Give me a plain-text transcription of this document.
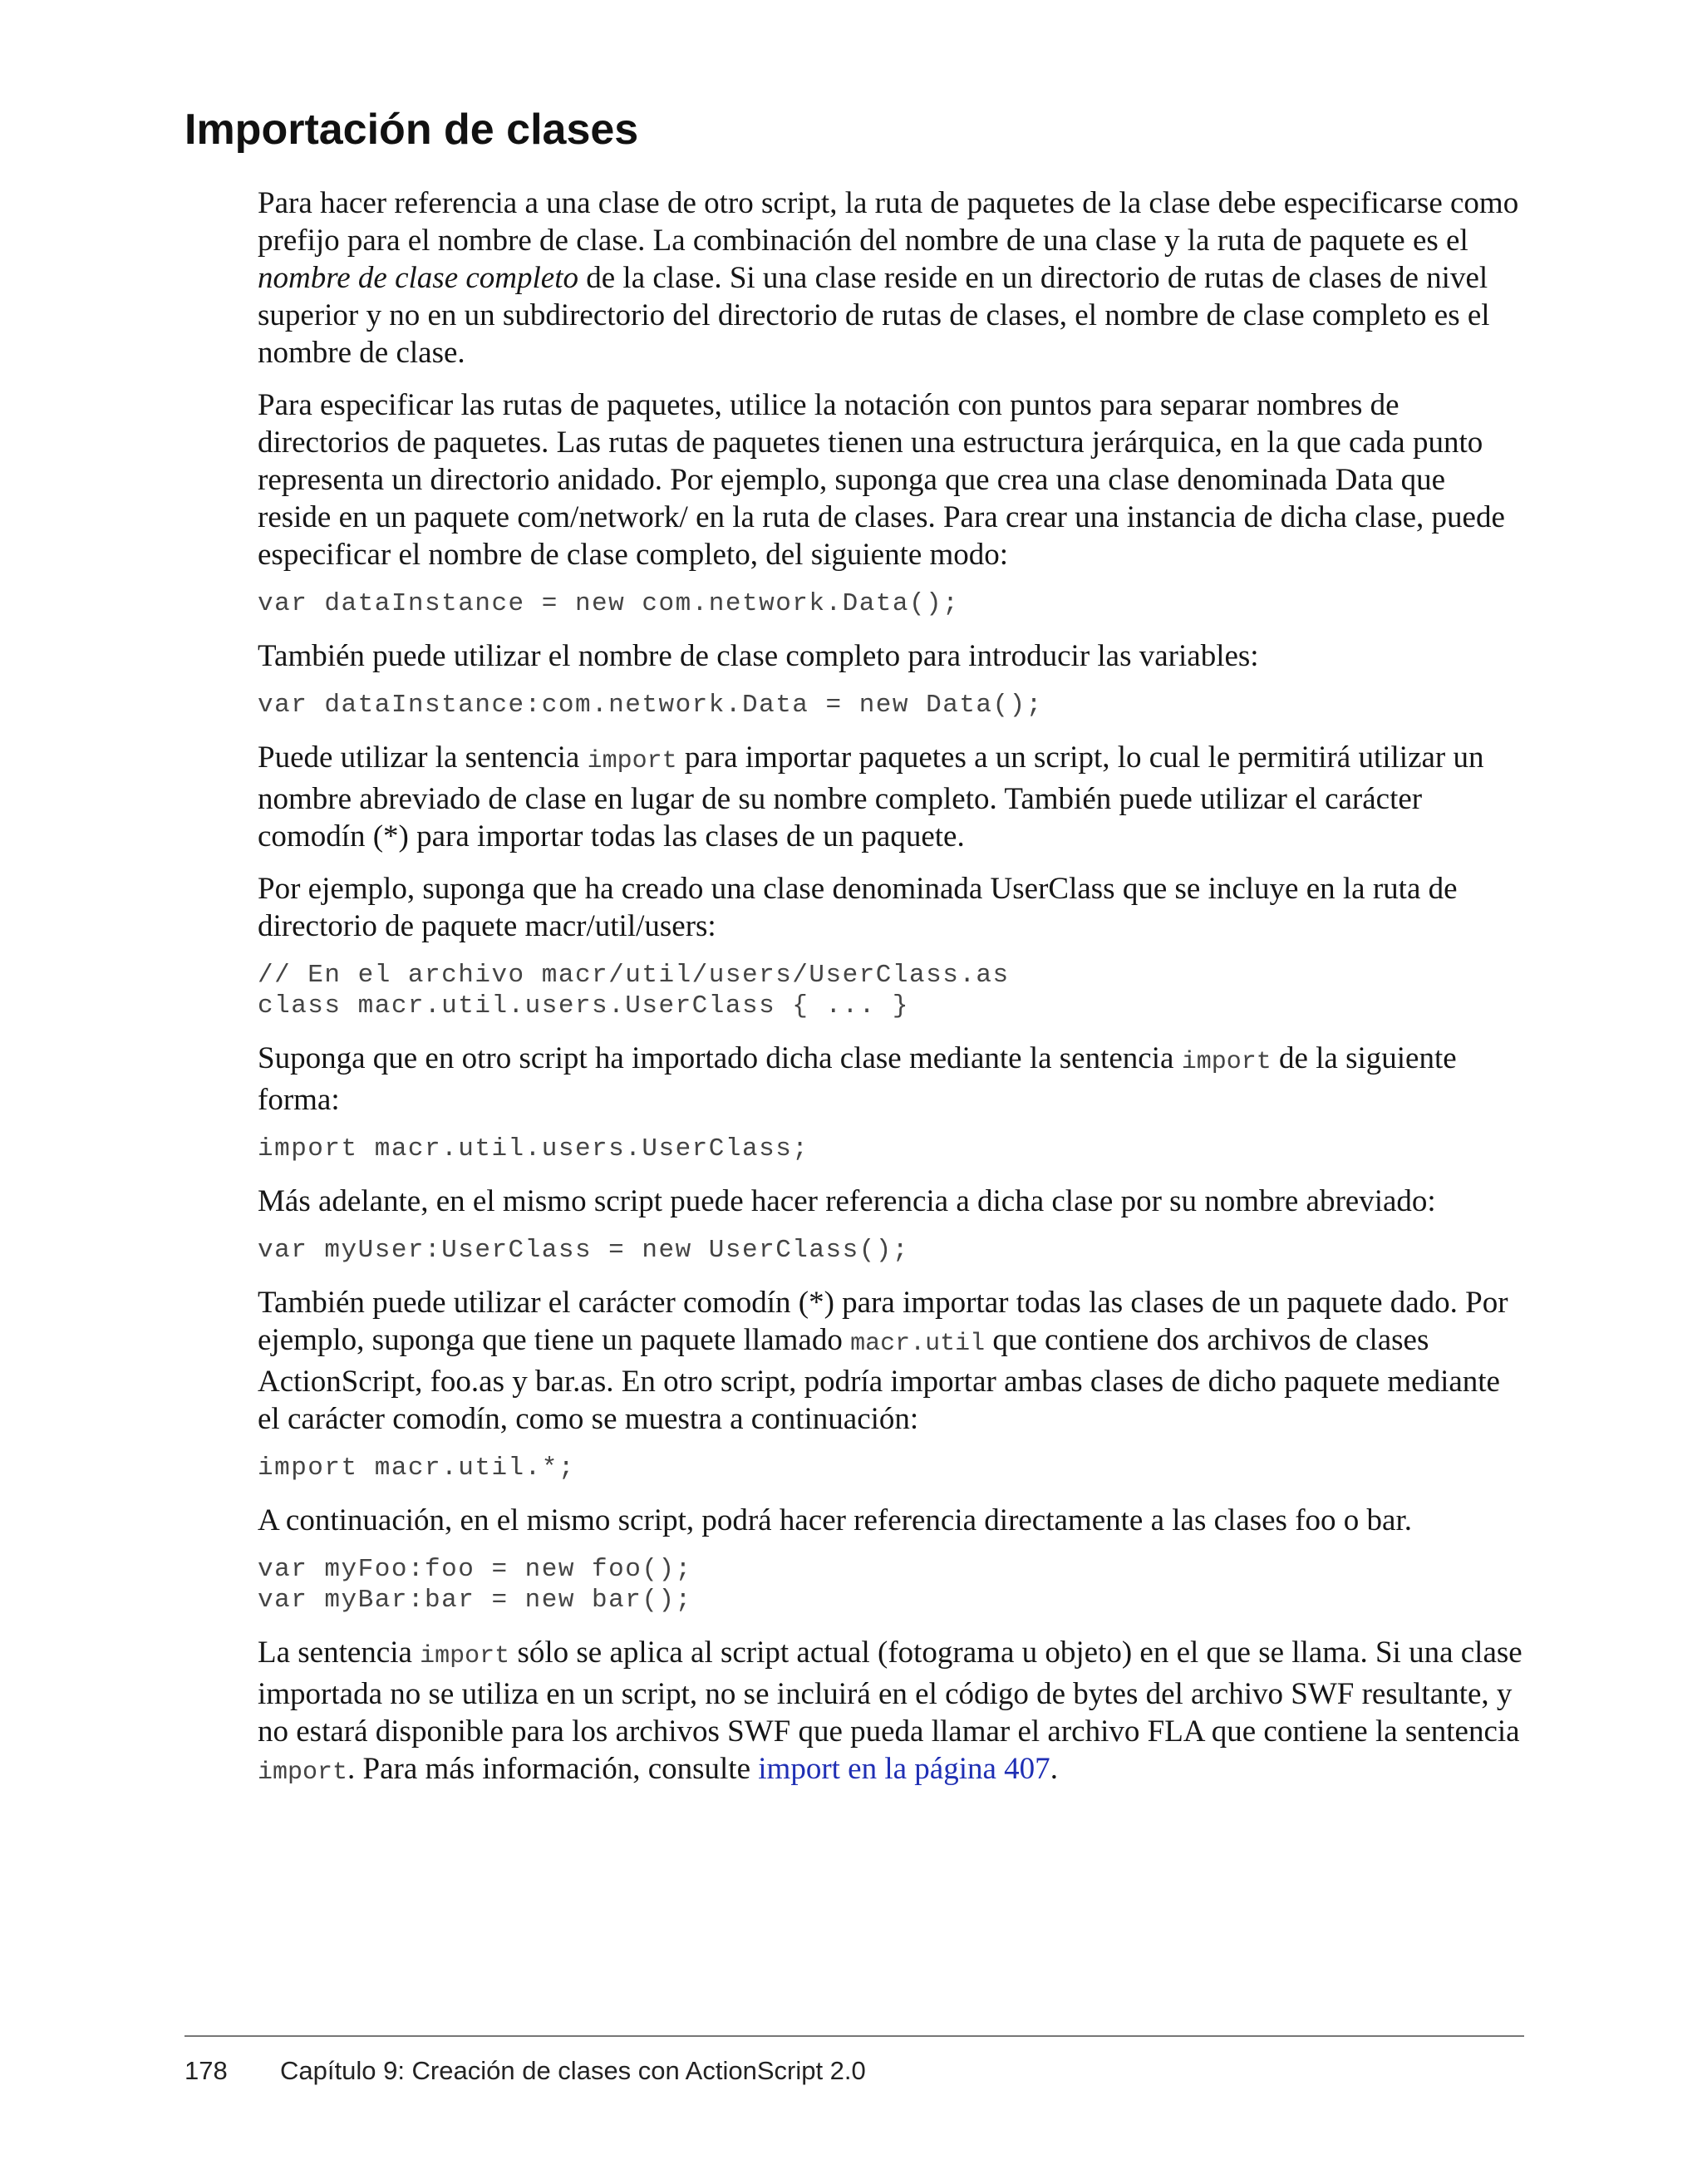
Importación de clases

Para hacer referencia a una clase de otro script, la ruta de paquetes de la clase debe especificarse como prefijo para el nombre de clase. La combinación del nombre de una clase y la ruta de paquete es el nombre de clase completo de la clase. Si una clase reside en un directorio de rutas de clases de nivel superior y no en un subdirectorio del directorio de rutas de clases, el nombre de clase completo es el nombre de clase.

Para especificar las rutas de paquetes, utilice la notación con puntos para separar nombres de directorios de paquetes. Las rutas de paquetes tienen una estructura jerárquica, en la que cada punto representa un directorio anidado. Por ejemplo, suponga que crea una clase denominada Data que reside en un paquete com/network/ en la ruta de clases. Para crear una instancia de dicha clase, puede especificar el nombre de clase completo, del siguiente modo:

var dataInstance = new com.network.Data();

También puede utilizar el nombre de clase completo para introducir las variables:

var dataInstance:com.network.Data = new Data();

Puede utilizar la sentencia import para importar paquetes a un script, lo cual le permitirá utilizar un nombre abreviado de clase en lugar de su nombre completo. También puede utilizar el carácter comodín (*) para importar todas las clases de un paquete.

Por ejemplo, suponga que ha creado una clase denominada UserClass que se incluye en la ruta de directorio de paquete macr/util/users:

// En el archivo macr/util/users/UserClass.as
class macr.util.users.UserClass { ... }

Suponga que en otro script ha importado dicha clase mediante la sentencia import de la siguiente forma:

import macr.util.users.UserClass;

Más adelante, en el mismo script puede hacer referencia a dicha clase por su nombre abreviado:

var myUser:UserClass = new UserClass();

También puede utilizar el carácter comodín (*) para importar todas las clases de un paquete dado. Por ejemplo, suponga que tiene un paquete llamado macr.util que contiene dos archivos de clases ActionScript, foo.as y bar.as. En otro script, podría importar ambas clases de dicho paquete mediante el carácter comodín, como se muestra a continuación:

import macr.util.*;

A continuación, en el mismo script, podrá hacer referencia directamente a las clases foo o bar.

var myFoo:foo = new foo();
var myBar:bar = new bar();

La sentencia import sólo se aplica al script actual (fotograma u objeto) en el que se llama. Si una clase importada no se utiliza en un script, no se incluirá en el código de bytes del archivo SWF resultante, y no estará disponible para los archivos SWF que pueda llamar el archivo FLA que contiene la sentencia import. Para más información, consulte import en la página 407.

178 Capítulo 9: Creación de clases con ActionScript 2.0
